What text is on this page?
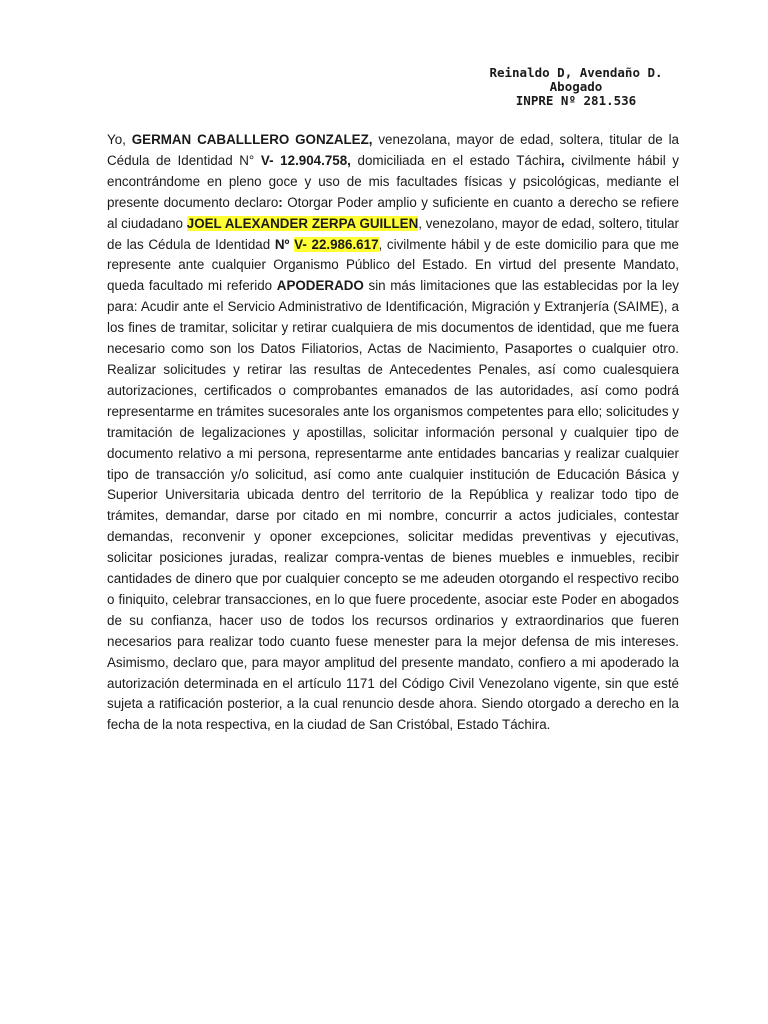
Reinaldo D, Avendaño D.
Abogado
INPRE Nº 281.536

Yo, GERMAN CABALLLERO GONZALEZ, venezolana, mayor de edad, soltera, titular de la Cédula de Identidad N° V- 12.904.758, domiciliada en el estado Táchira, civilmente hábil y encontrándome en pleno goce y uso de mis facultades físicas y psicológicas, mediante el presente documento declaro: Otorgar Poder amplio y suficiente en cuanto a derecho se refiere al ciudadano JOEL ALEXANDER ZERPA GUILLEN, venezolano, mayor de edad, soltero, titular de las Cédula de Identidad Nº V- 22.986.617, civilmente hábil y de este domicilio para que me represente ante cualquier Organismo Público del Estado. En virtud del presente Mandato, queda facultado mi referido APODERADO sin más limitaciones que las establecidas por la ley para: Acudir ante el Servicio Administrativo de Identificación, Migración y Extranjería (SAIME), a los fines de tramitar, solicitar y retirar cualquiera de mis documentos de identidad, que me fuera necesario como son los Datos Filiatorios, Actas de Nacimiento, Pasaportes o cualquier otro. Realizar solicitudes y retirar las resultas de Antecedentes Penales, así como cualesquiera autorizaciones, certificados o comprobantes emanados de las autoridades, así como podrá representarme en trámites sucesorales ante los organismos competentes para ello; solicitudes y tramitación de legalizaciones y apostillas, solicitar información personal y cualquier tipo de documento relativo a mi persona, representarme ante entidades bancarias y realizar cualquier tipo de transacción y/o solicitud, así como ante cualquier institución de Educación Básica y Superior Universitaria ubicada dentro del territorio de la República y realizar todo tipo de trámites, demandar, darse por citado en mi nombre, concurrir a actos judiciales, contestar demandas, reconvenir y oponer excepciones, solicitar medidas preventivas y ejecutivas, solicitar posiciones juradas, realizar compra-ventas de bienes muebles e inmuebles, recibir cantidades de dinero que por cualquier concepto se me adeuden otorgando el respectivo recibo o finiquito, celebrar transacciones, en lo que fuere procedente, asociar este Poder en abogados de su confianza, hacer uso de todos los recursos ordinarios y extraordinarios que fueren necesarios para realizar todo cuanto fuese menester para la mejor defensa de mis intereses. Asimismo, declaro que, para mayor amplitud del presente mandato, confiero a mi apoderado la autorización determinada en el artículo 1171 del Código Civil Venezolano vigente, sin que esté sujeta a ratificación posterior, a la cual renuncio desde ahora. Siendo otorgado a derecho en la fecha de la nota respectiva, en la ciudad de San Cristóbal, Estado Táchira.
